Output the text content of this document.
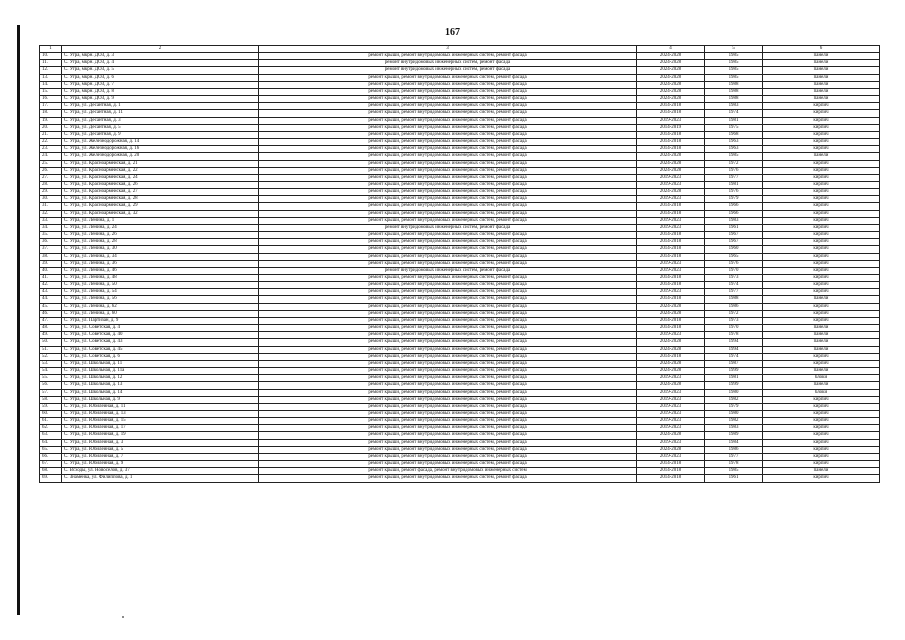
167
1	2	3	4	5	6
10.	С. Угра, мкрн. ДОЗ, д. 3	ремонт крыши, ремонт внутридомовых инженерных систем, ремонт фасада	2024-2028	1985	панели
11.	С. Угра, мкрн. ДОЗ, д. 4	ремонт внутридомовых инженерных систем, ремонт фасада	2024-2028	1985	панели
12.	С. Угра, мкрн. ДОЗ, д. 5	ремонт внутридомовых инженерных систем, ремонт фасада	2024-2028	1985	панели
13.	С. Угра, мкрн. ДОЗ, д. 6	ремонт крыши, ремонт внутридомовых инженерных систем, ремонт фасада	2024-2028	1985	панели
14.	С. Угра, мкрн. ДОЗ, д. 7	ремонт крыши, ремонт внутридомовых инженерных систем, ремонт фасада	2024-2028	1988	панели
15.	С. Угра, мкрн. ДОЗ, д. 8	ремонт крыши, ремонт внутридомовых инженерных систем, ремонт фасада	2024-2028	1988	панели
16.	С. Угра, мкрн. ДОЗ, д. 9	ремонт крыши, ремонт внутридомовых инженерных систем, ремонт фасада	2024-2028	1988	панели
17.	С. Угра, ул. Десантная, д. 1	ремонт крыши, ремонт внутридомовых инженерных систем, ремонт фасада	2014-2018	1983	кирпич
18.	С. Угра, ул. Десантная, д. 11	ремонт крыши, ремонт внутридомовых инженерных систем, ремонт фасада	2014-2018	1974	кирпич
19.	С. Угра, ул. Десантная, д. 3	ремонт крыши, ремонт внутридомовых инженерных систем, ремонт фасада	2019-2023	1981	кирпич
20.	С. Угра, ул. Десантная, д. 5	ремонт крыши, ремонт внутридомовых инженерных систем, ремонт фасада	2014-2019	1975	кирпич
21.	С. Угра, ул. Десантная, д. 9	ремонт крыши, ремонт внутридомовых инженерных систем, ремонт фасада	2014-2018	1968	кирпич
22.	С. Угра, ул. Железнодорожная, д. 14	ремонт крыши, ремонт внутридомовых инженерных систем, ремонт фасада	2014-2018	1963	кирпич
23.	С. Угра, ул. Железнодорожная, д. 16	ремонт крыши, ремонт внутридомовых инженерных систем, ремонт фасада	2014-2018	1963	кирпич
24.	С. Угра, ул. Железнодорожная, д. 20	ремонт крыши, ремонт внутридомовых инженерных систем, ремонт фасада	2024-2028	1985	панели
25.	С. Угра, ул. Красноармейская, д. 21	ремонт крыши, ремонт внутридомовых инженерных систем, ремонт фасада	2024-2028	1972	кирпич
26.	С. Угра, ул. Красноармейская, д. 22	ремонт крыши, ремонт внутридомовых инженерных систем, ремонт фасада	2024-2028	1976	кирпич
27.	С. Угра, ул. Красноармейская, д. 24	ремонт крыши, ремонт внутридомовых инженерных систем, ремонт фасада	2019-2023	1977	кирпич
28.	С. Угра, ул. Красноармейская, д. 26	ремонт крыши, ремонт внутридомовых инженерных систем, ремонт фасада	2019-2023	1981	кирпич
29.	С. Угра, ул. Красноармейская, д. 27	ремонт крыши, ремонт внутридомовых инженерных систем, ремонт фасада	2024-2028	1976	кирпич
30.	С. Угра, ул. Красноармейская, д. 28	ремонт крыши, ремонт внутридомовых инженерных систем, ремонт фасада	2019-2023	1979	кирпич
31.	С. Угра, ул. Красноармейская, д. 29	ремонт крыши, ремонт внутридомовых инженерных систем, ремонт фасада	2014-2018	1966	кирпич
32.	С. Угра, ул. Красноармейская, д. 32	ремонт крыши, ремонт внутридомовых инженерных систем, ремонт фасада	2014-2018	1966	кирпич
33.	С. Угра, ул. Ленина, д. 1	ремонт крыши, ремонт внутридомовых инженерных систем, ремонт фасада	2019-2023	1983	кирпич
34.	С. Угра, ул. Ленина, д. 24	ремонт внутридомовых инженерных систем, ремонт фасада	2019-2023	1961	кирпич
35.	С. Угра, ул. Ленина, д. 26	ремонт крыши, ремонт внутридомовых инженерных систем, ремонт фасада	2014-2018	1967	кирпич
36.	С. Угра, ул. Ленина, д. 28	ремонт крыши, ремонт внутридомовых инженерных систем, ремонт фасада	2014-2018	1967	кирпич
37.	С. Угра, ул. Ленина, д. 30	ремонт крыши, ремонт внутридомовых инженерных систем, ремонт фасада	2014-2018	1960	кирпич
38.	С. Угра, ул. Ленина, д. 34	ремонт крыши, ремонт внутридомовых инженерных систем, ремонт фасада	2014-2018	1965	кирпич
39.	С. Угра, ул. Ленина, д. 36	ремонт крыши, ремонт внутридомовых инженерных систем, ремонт фасада	2019-2023	1976	кирпич
40.	С. Угра, ул. Ленина, д. 46	ремонт внутридомовых инженерных систем, ремонт фасада	2019-2023	1970	кирпич
41.	С. Угра, ул. Ленина, д. 48	ремонт крыши, ремонт внутридомовых инженерных систем, ремонт фасада	2014-2018	1973	кирпич
42.	С. Угра, ул. Ленина, д. 50	ремонт крыши, ремонт внутридомовых инженерных систем, ремонт фасада	2014-2018	1974	кирпич
43.	С. Угра, ул. Ленина, д. 54	ремонт крыши, ремонт внутридомовых инженерных систем, ремонт фасада	2019-2023	1977	кирпич
44.	С. Угра, ул. Ленина, д. 56	ремонт крыши, ремонт внутридомовых инженерных систем, ремонт фасада	2014-2018	1988	панели
45.	С. Угра, ул. Ленина, д. 62	ремонт крыши, ремонт внутридомовых инженерных систем, ремонт фасада	2024-2028	1986	кирпич
46.	С. Угра, ул. Ленина, д. 60	ремонт крыши, ремонт внутридомовых инженерных систем, ремонт фасада	2024-2028	1972	кирпич
47.	С. Угра, ул. Партизан, д. 9	ремонт крыши, ремонт внутридомовых инженерных систем, ремонт фасада	2014-2018	1973	кирпич
48.	С. Угра, ул. Советская, д. 4	ремонт крыши, ремонт внутридомовых инженерных систем, ремонт фасада	2014-2018	1970	панели
49.	С. Угра, ул. Советская, д. 40	ремонт крыши, ремонт внутридомовых инженерных систем, ремонт фасада	2019-2023	1978	панели
50.	С. Угра, ул. Советская, д. 43	ремонт крыши, ремонт внутридомовых инженерных систем, ремонт фасада	2024-2028	1994	панели
51.	С. Угра, ул. Советская, д. 45	ремонт крыши, ремонт внутридомовых инженерных систем, ремонт фасада	2024-2028	1994	панели
52.	С. Угра, ул. Советская, д. 6	ремонт крыши, ремонт внутридомовых инженерных систем, ремонт фасада	2014-2018	1974	кирпич
53.	С. Угра, ул. Школьная, д. 11	ремонт крыши, ремонт внутридомовых инженерных систем, ремонт фасада	2024-2028	1987	кирпич
54.	С. Угра, ул. Школьная, д. 11а	ремонт крыши, ремонт внутридомовых инженерных систем, ремонт фасада	2024-2028	1999	панели
55.	С. Угра, ул. Школьная, д. 12	ремонт крыши, ремонт внутридомовых инженерных систем, ремонт фасада	2019-2023	1981	блоки
56.	С. Угра, ул. Школьная, д. 13	ремонт крыши, ремонт внутридомовых инженерных систем, ремонт фасада	2024-2028	1999	панели
57.	С. Угра, ул. Школьная, д. 14	ремонт крыши, ремонт внутридомовых инженерных систем, ремонт фасада	2019-2023	1980	блоки
58.	С. Угра, ул. Школьная, д. 9	ремонт крыши, ремонт внутридомовых инженерных систем, ремонт фасада	2019-2023	1982	кирпич
59.	С. Угра, ул. Юбилейная, д. 11	ремонт крыши, ремонт внутридомовых инженерных систем, ремонт фасада	2019-2023	1979	кирпич
60.	С. Угра, ул. Юбилейная, д. 13	ремонт крыши, ремонт внутридомовых инженерных систем, ремонт фасада	2019-2023	1980	кирпич
61.	С. Угра, ул. Юбилейная, д. 15	ремонт крыши, ремонт внутридомовых инженерных систем, ремонт фасада	2019-2023	1982	кирпич
62.	С. Угра, ул. Юбилейная, д. 17	ремонт крыши, ремонт внутридомовых инженерных систем, ремонт фасада	2019-2023	1983	кирпич
63.	С. Угра, ул. Юбилейная, д. 19	ремонт крыши, ремонт внутридомовых инженерных систем, ремонт фасада	2024-2028	1989	кирпич
64.	С. Угра, ул. Юбилейная, д. 3	ремонт крыши, ремонт внутридомовых инженерных систем, ремонт фасада	2019-2023	1984	кирпич
65.	С. Угра, ул. Юбилейная, д. 5	ремонт крыши, ремонт внутридомовых инженерных систем, ремонт фасада	2024-2028	1986	кирпич
66.	С. Угра, ул. Юбилейная, д. 7	ремонт крыши, ремонт внутридомовых инженерных систем, ремонт фасада	2019-2023	1977	кирпич
67.	С. Угра, ул. Юбилейная, д. 9	ремонт крыши, ремонт внутридомовых инженерных систем, ремонт фасада	2014-2018	1978	кирпич
68.	С. Всходы, ул. Новоселов, д. 37	ремонт крыши, ремонт фасада, ремонт внутридомовых инженерных систем	2014-2018	1985	панели
69.	С. Знаменка, ул. Филиппова, д. 1	ремонт крыши, ремонт внутридомовых инженерных систем, ремонт фасада	2014-2018	1961	кирпич
